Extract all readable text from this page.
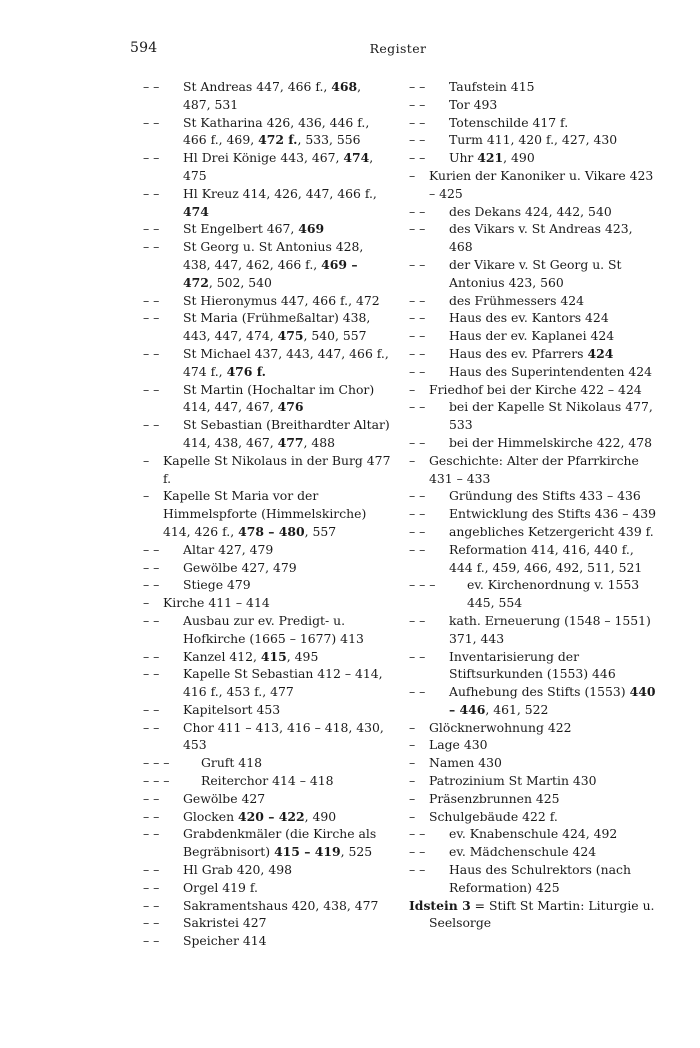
594	Register
– – St Andreas 447, 466 f., 468, 487, 531
– – St Katharina 426, 436, 446 f., 466 f., 469, 472 f., 533, 556
– – Hl Drei Könige 443, 467, 474, 475
– – Hl Kreuz 414, 426, 447, 466 f., 474
– – St Engelbert 467, 469
– – St Georg u. St Antonius 428, 438, 447, 462, 466 f., 469 – 472, 502, 540
– – St Hieronymus 447, 466 f., 472
– – St Maria (Frühmeßaltar) 438, 443, 447, 474, 475, 540, 557
– – St Michael 437, 443, 447, 466 f., 474 f., 476 f.
– – St Martin (Hochaltar im Chor) 414, 447, 467, 476
– – St Sebastian (Breithardter Altar) 414, 438, 467, 477, 488
– Kapelle St Nikolaus in der Burg 477 f.
– Kapelle St Maria vor der Himmelspforte (Himmelskirche) 414, 426 f., 478 – 480, 557
– – Altar 427, 479
– – Gewölbe 427, 479
– – Stiege 479
– Kirche 411 – 414
– – Ausbau zur ev. Predigt- u. Hofkirche (1665 – 1677) 413
– – Kanzel 412, 415, 495
– – Kapelle St Sebastian 412 – 414, 416 f., 453 f., 477
– – Kapitelsort 453
– – Chor 411 – 413, 416 – 418, 430, 453
– – –	Gruft 418
– – –	Reiterchor 414 – 418
– – Gewölbe 427
– – Glocken 420 – 422, 490
– – Grabdenkmäler (die Kirche als Begräbnisort) 415 – 419, 525
– – Hl Grab 420, 498
– – Orgel 419 f.
– – Sakramentshaus 420, 438, 477
– – Sakristei 427
– – Speicher 414
– – Taufstein 415
– – Tor 493
– – Totenschilde 417 f.
– – Turm 411, 420 f., 427, 430
– – Uhr 421, 490
– Kurien der Kanoniker u. Vikare 423 – 425
– – des Dekans 424, 442, 540
– – des Vikars v. St Andreas 423, 468
– – der Vikare v. St Georg u. St Antonius 423, 560
– – des Frühmessers 424
– – Haus des ev. Kantors 424
– – Haus der ev. Kaplanei 424
– – Haus des ev. Pfarrers 424
– – Haus des Superintendenten 424
– Friedhof bei der Kirche 422 – 424
– – bei der Kapelle St Nikolaus 477, 533
– – bei der Himmelskirche 422, 478
– Geschichte: Alter der Pfarrkirche 431 – 433
– – Gründung des Stifts 433 – 436
– – Entwicklung des Stifts 436 – 439
– – angebliches Ketzergericht 439 f.
– – Reformation 414, 416, 440 f., 444 f., 459, 466, 492, 511, 521
– – –	ev. Kirchenordnung v. 1553 445, 554
– – kath. Erneuerung (1548 – 1551) 371, 443
– – Inventarisierung der Stiftsurkunden (1553) 446
– – Aufhebung des Stifts (1553) 440 – 446, 461, 522
– Glöcknerwohnung 422
– Lage 430
– Namen 430
– Patrozinium St Martin 430
– Präsenzbrunnen 425
– Schulgebäude 422 f.
– – ev. Knabenschule 424, 492
– – ev. Mädchenschule 424
– – Haus des Schulrektors (nach Reformation) 425
Idstein 3 = Stift St Martin: Liturgie u. Seelsorge
